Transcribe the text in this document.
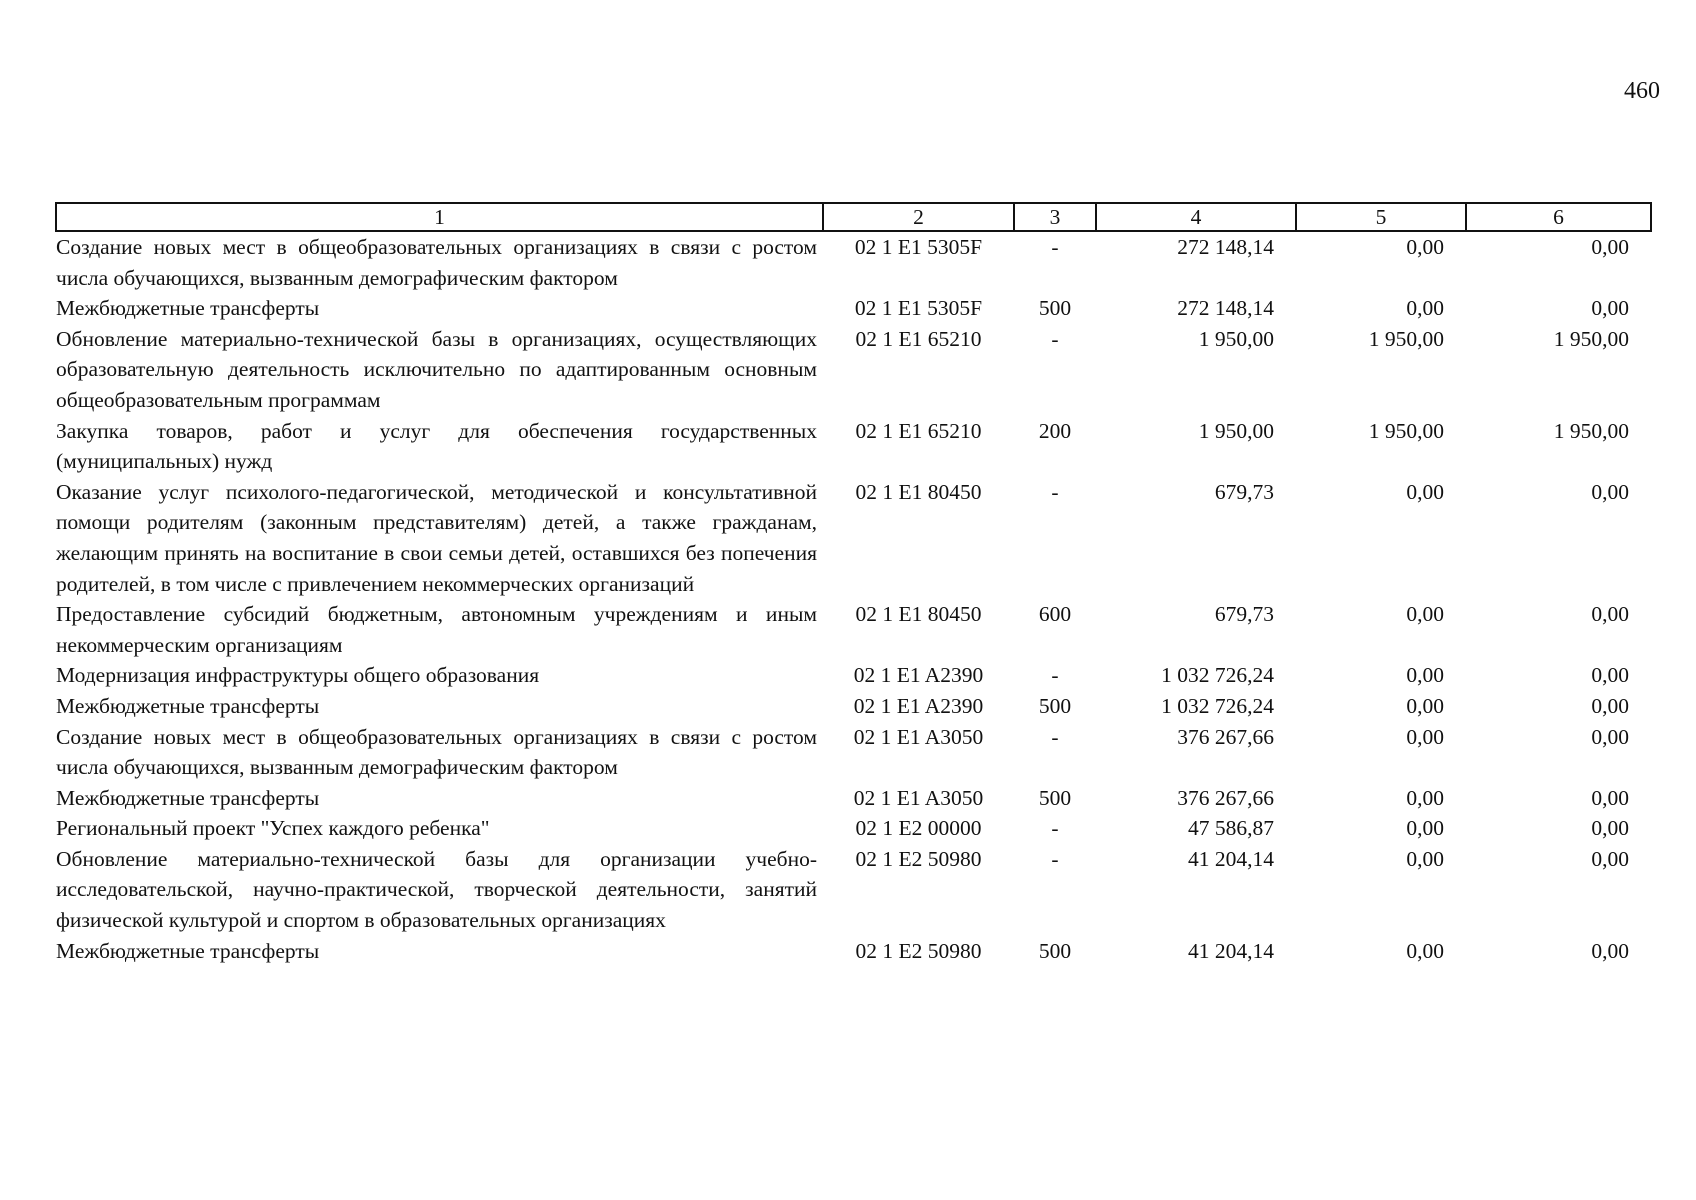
460
1	2	3	4	5	6
Создание новых мест в общеобразовательных организациях в связи с ростом числа обучающихся, вызванным демографическим фактором	02 1 E1 5305F	-	272 148,14	0,00	0,00
Межбюджетные трансферты	02 1 E1 5305F	500	272 148,14	0,00	0,00
Обновление материально-технической базы в организациях, осуществляющих образовательную деятельность исключительно по адаптированным основным общеобразовательным программам	02 1 E1 65210	-	1 950,00	1 950,00	1 950,00
Закупка товаров, работ и услуг для обеспечения государственных (муниципальных) нужд	02 1 E1 65210	200	1 950,00	1 950,00	1 950,00
Оказание услуг психолого-педагогической, методической и консультативной помощи родителям (законным представителям) детей, а также гражданам, желающим принять на воспитание в свои семьи детей, оставшихся без попечения родителей, в том числе с привлечением некоммерческих организаций	02 1 E1 80450	-	679,73	0,00	0,00
Предоставление субсидий бюджетным, автономным учреждениям и иным некоммерческим организациям	02 1 E1 80450	600	679,73	0,00	0,00
Модернизация инфраструктуры общего образования	02 1 E1 A2390	-	1 032 726,24	0,00	0,00
Межбюджетные трансферты	02 1 E1 A2390	500	1 032 726,24	0,00	0,00
Создание новых мест в общеобразовательных организациях в связи с ростом числа обучающихся, вызванным демографическим фактором	02 1 E1 A3050	-	376 267,66	0,00	0,00
Межбюджетные трансферты	02 1 E1 A3050	500	376 267,66	0,00	0,00
Региональный проект "Успех каждого ребенка"	02 1 E2 00000	-	47 586,87	0,00	0,00
Обновление материально-технической базы для организации учебно-исследовательской, научно-практической, творческой деятельности, занятий физической культурой и спортом в образовательных организациях	02 1 E2 50980	-	41 204,14	0,00	0,00
Межбюджетные трансферты	02 1 E2 50980	500	41 204,14	0,00	0,00
